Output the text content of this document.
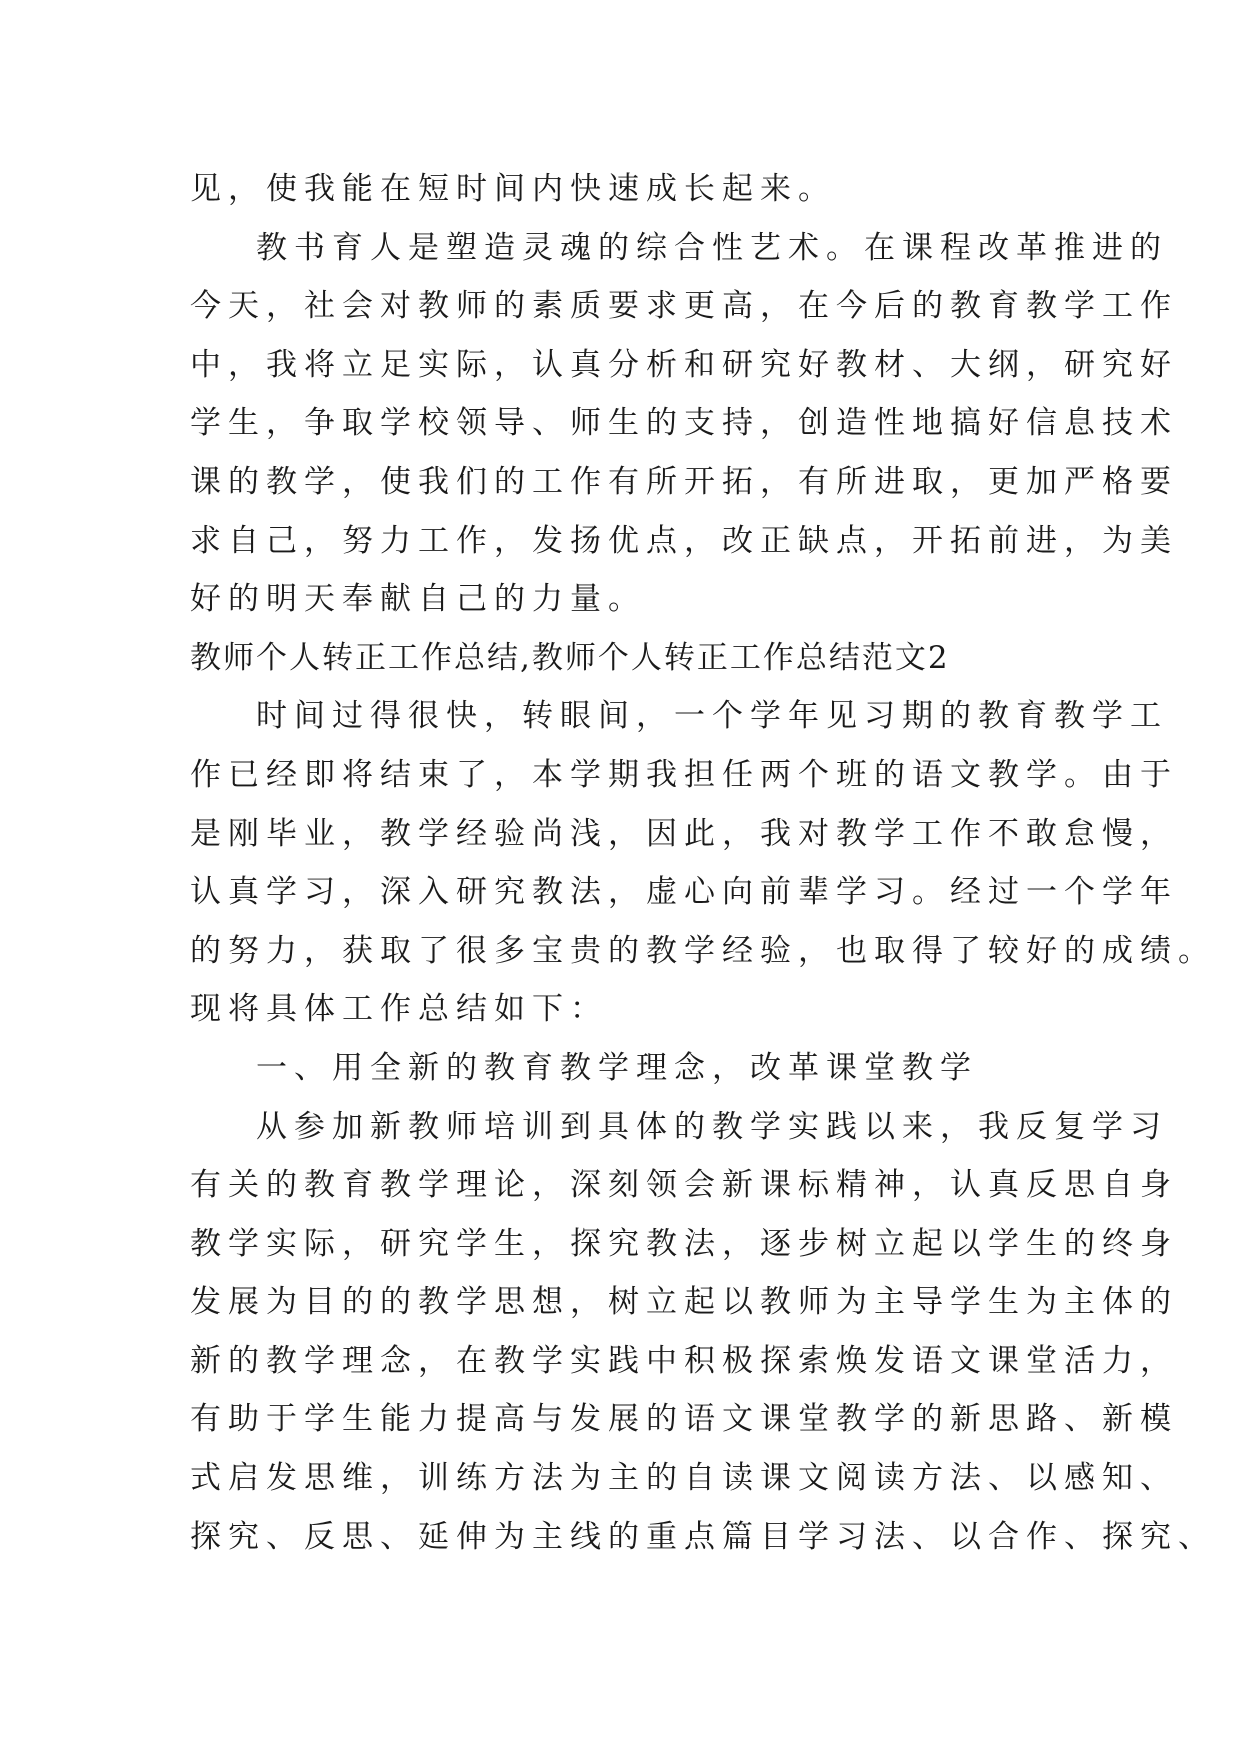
见，使我能在短时间内快速成长起来。
教书育人是塑造灵魂的综合性艺术。在课程改革推进的
今天，社会对教师的素质要求更高，在今后的教育教学工作
中，我将立足实际，认真分析和研究好教材、大纲，研究好
学生，争取学校领导、师生的支持，创造性地搞好信息技术
课的教学，使我们的工作有所开拓，有所进取，更加严格要
求自己，努力工作，发扬优点，改正缺点，开拓前进，为美
好的明天奉献自己的力量。
教师个人转正工作总结,教师个人转正工作总结范文2
时间过得很快，转眼间，一个学年见习期的教育教学工
作已经即将结束了，本学期我担任两个班的语文教学。由于
是刚毕业，教学经验尚浅，因此，我对教学工作不敢怠慢，
认真学习，深入研究教法，虚心向前辈学习。经过一个学年
的努力，获取了很多宝贵的教学经验，也取得了较好的成绩。
现将具体工作总结如下：
一、用全新的教育教学理念，改革课堂教学
从参加新教师培训到具体的教学实践以来，我反复学习
有关的教育教学理论，深刻领会新课标精神，认真反思自身
教学实际，研究学生，探究教法，逐步树立起以学生的终身
发展为目的的教学思想，树立起以教师为主导学生为主体的
新的教学理念，在教学实践中积极探索焕发语文课堂活力，
有助于学生能力提高与发展的语文课堂教学的新思路、新模
式启发思维，训练方法为主的自读课文阅读方法、以感知、
探究、反思、延伸为主线的重点篇目学习法、以合作、探究、
